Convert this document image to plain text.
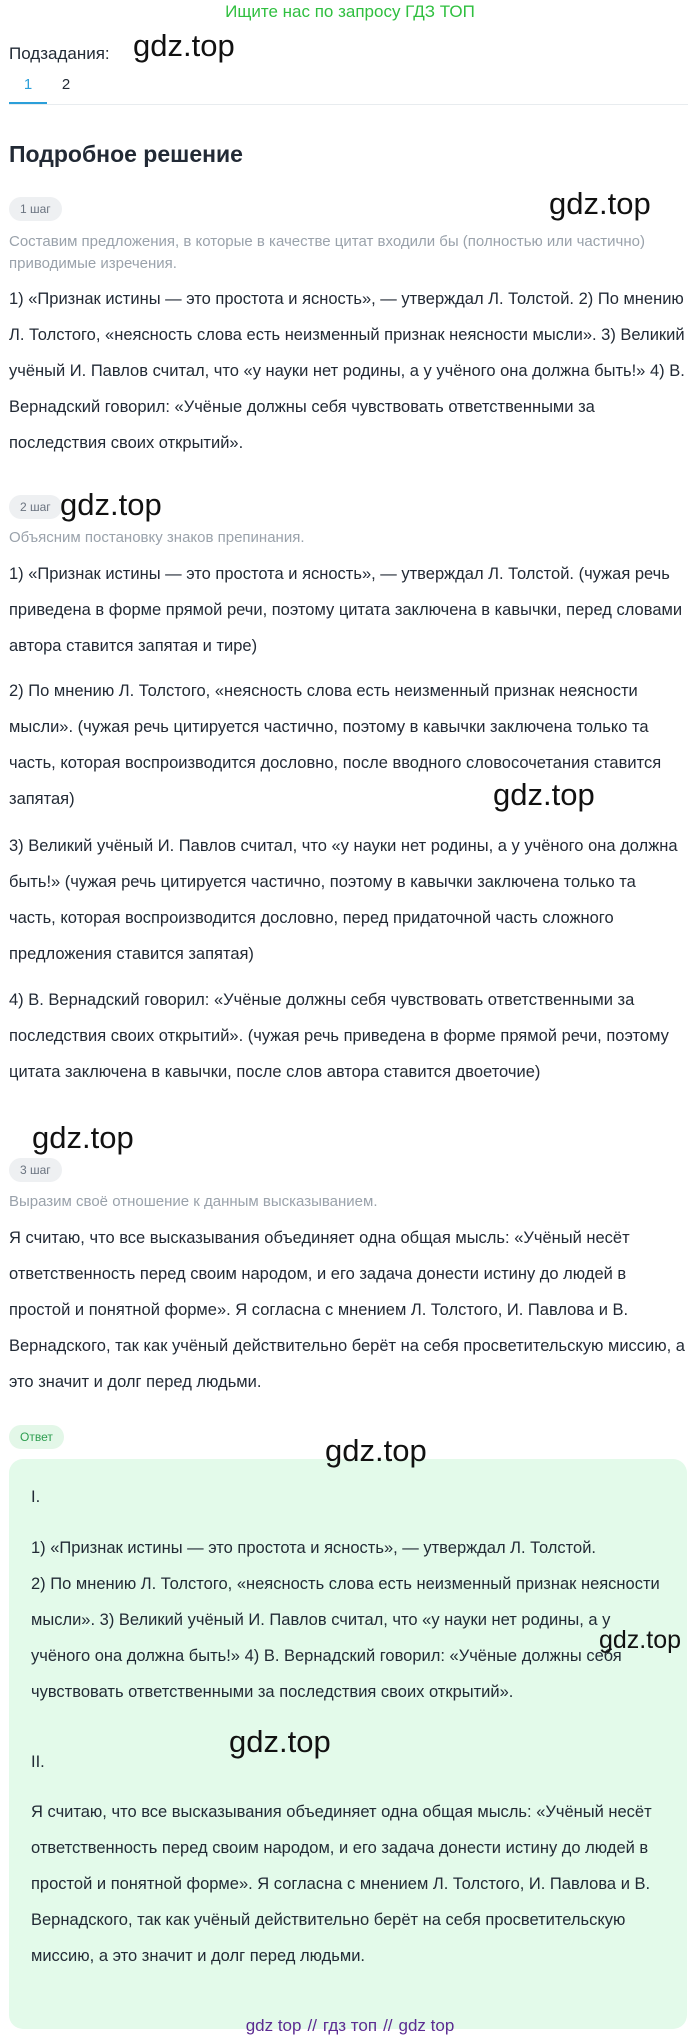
Ищите нас по запросу ГДЗ ТОП
Подзадания: gdz.top
1	2
Подробное решение
1 шаг	gdz.top
Составим предложения, в которые в качестве цитат входили бы (полностью или частично) приводимые изречения.

1) «Признак истины — это простота и ясность», — утверждал Л. Толстой. 2) По мнению Л. Толстого, «неясность слова есть неизменный признак неясности мысли». 3) Великий учёный И. Павлов считал, что «у науки нет родины, а у учёного она должна быть!» 4) В. Вернадский говорил: «Учёные должны себя чувствовать ответственными за последствия своих открытий».

2 шаг gdz.top
Объясним постановку знаков препинания.

1) «Признак истины — это простота и ясность», — утверждал Л. Толстой. (чужая речь приведена в форме прямой речи, поэтому цитата заключена в кавычки, перед словами автора ставится запятая и тире)

2) По мнению Л. Толстого, «неясность слова есть неизменный признак неясности мысли». (чужая речь цитируется частично, поэтому в кавычки заключена только та часть, которая воспроизводится дословно, после вводного словосочетания ставится запятая)	gdz.top

3) Великий учёный И. Павлов считал, что «у науки нет родины, а у учёного она должна быть!» (чужая речь цитируется частично, поэтому в кавычки заключена только та часть, которая воспроизводится дословно, перед придаточной часть сложного предложения ставится запятая)

4) В. Вернадский говорил: «Учёные должны себя чувствовать ответственными за последствия своих открытий». (чужая речь приведена в форме прямой речи, поэтому цитата заключена в кавычки, после слов автора ставится двоеточие)

gdz.top
3 шаг
Выразим своё отношение к данным высказыванием.

Я считаю, что все высказывания объединяет одна общая мысль: «Учёный несёт ответственность перед своим народом, и его задача донести истину до людей в простой и понятной форме». Я согласна с мнением Л. Толстого, И. Павлова и В. Вернадского, так как учёный действительно берёт на себя просветительскую миссию, а это значит и долг перед людьми.

Ответ

I.

1) «Признак истины — это простота и ясность», — утверждал Л. Толстой.

2) По мнению Л. Толстого, «неясность слова есть неизменный признак неясности мысли». 3) Великий учёный И. Павлов считал, что «у науки нет родины, а у учёного она должна быть!» 4) В. Вернадский говорил: «Учёные должны себя чувствовать ответственными за последствия своих открытий».

II.

Я считаю, что все высказывания объединяет одна общая мысль: «Учёный несёт ответственность перед своим народом, и его задача донести истину до людей в простой и понятной форме». Я согласна с мнением Л. Толстого, И. Павлова и В. Вернадского, так как учёный действительно берёт на себя просветительскую миссию, а это значит и долг перед людьми.

gdz.top
gdz.top
gdz.top
gdz top // гдз топ // gdz top
